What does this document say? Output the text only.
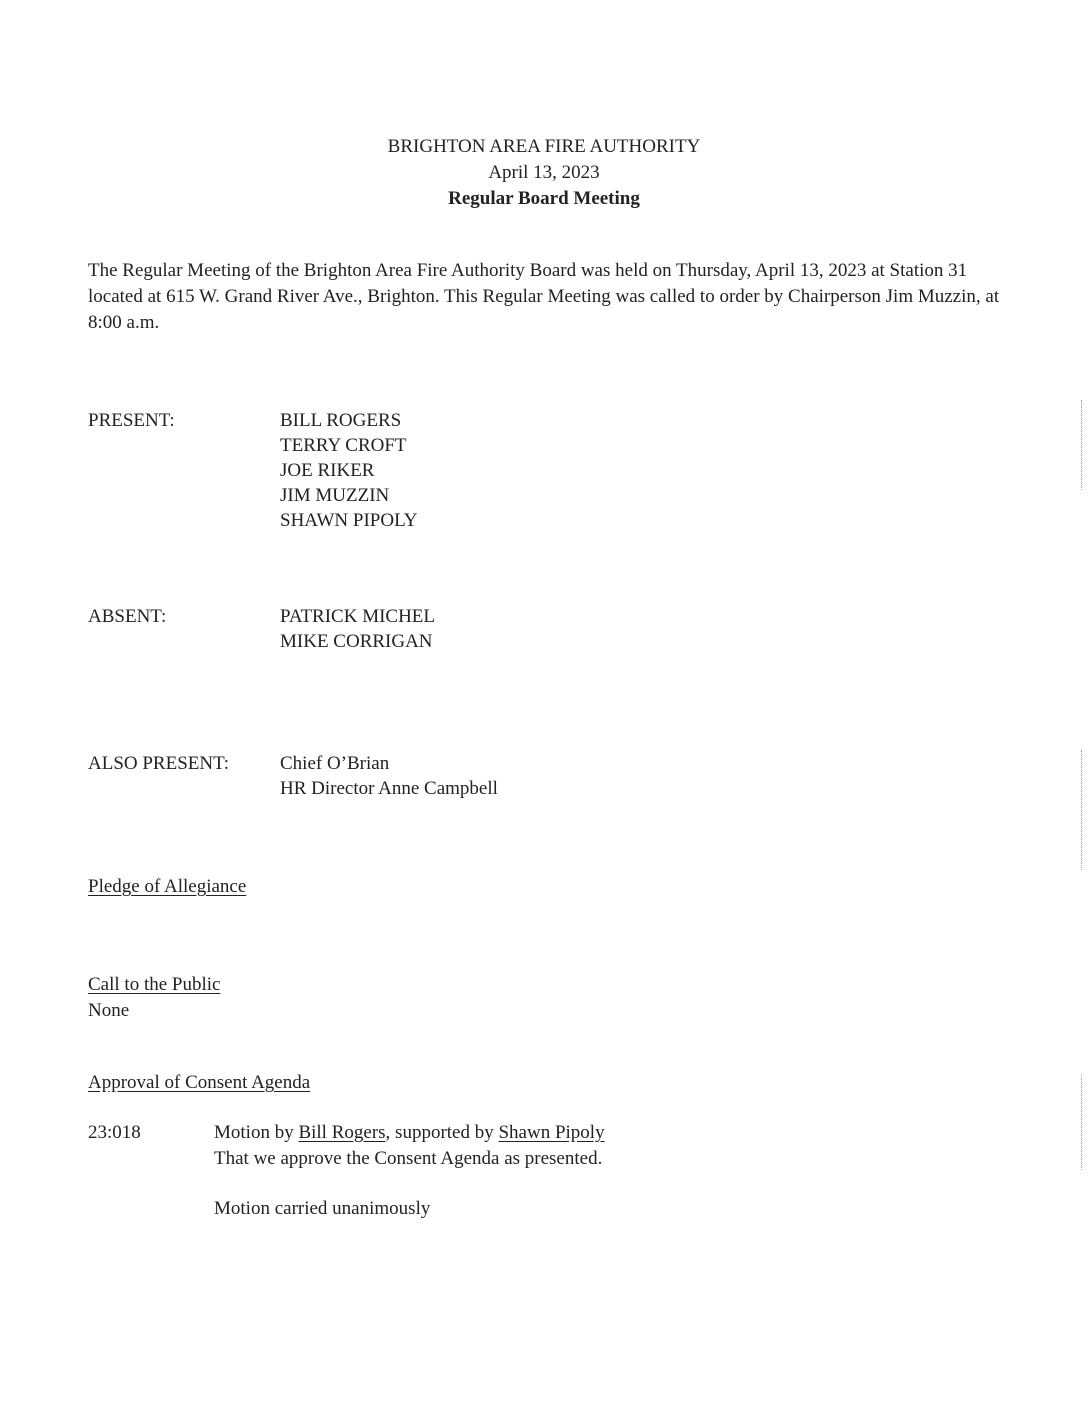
BRIGHTON AREA FIRE AUTHORITY
April 13, 2023
Regular Board Meeting
The Regular Meeting of the Brighton Area Fire Authority Board was held on Thursday, April 13, 2023 at Station 31 located at 615 W. Grand River Ave., Brighton. This Regular Meeting was called to order by Chairperson Jim Muzzin, at 8:00 a.m.
PRESENT:	BILL ROGERS
TERRY CROFT
JOE RIKER
JIM MUZZIN
SHAWN PIPOLY
ABSENT:	PATRICK MICHEL
MIKE CORRIGAN
ALSO PRESENT:	Chief O’Brian
HR Director Anne Campbell
Pledge of Allegiance
Call to the Public
None
Approval of Consent Agenda
23:018	Motion by Bill Rogers, supported by Shawn Pipoly
That we approve the Consent Agenda as presented.
Motion carried unanimously
